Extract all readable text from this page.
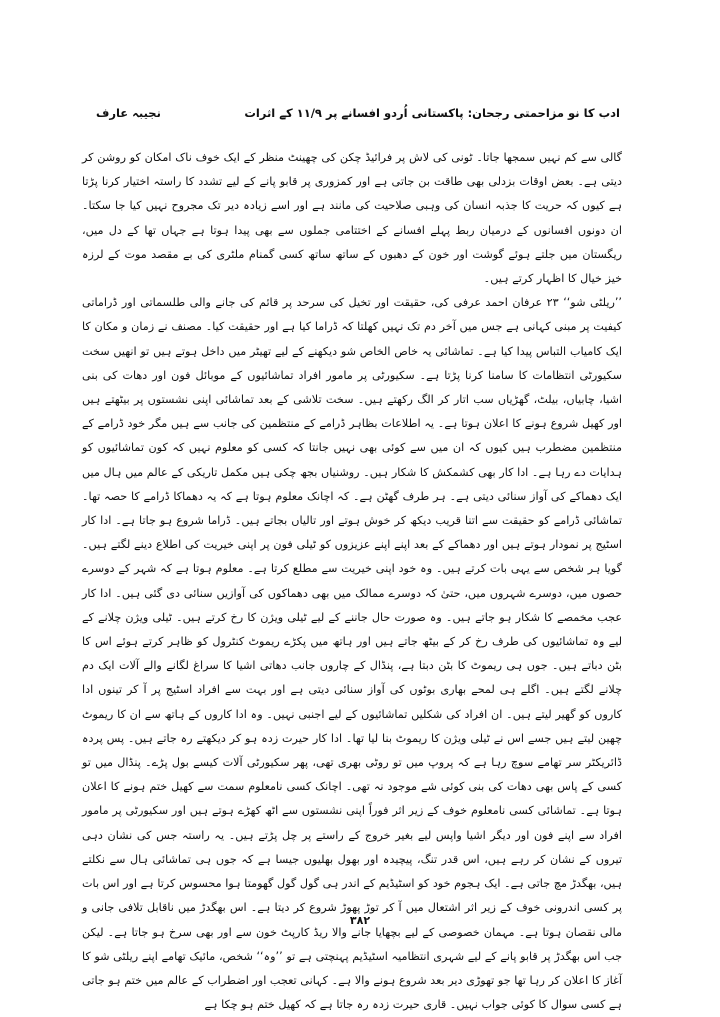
ادب کا نو مزاحمتی رجحان: پاکستانی اُردو افسانے پر ۱۱/۹ کے اثرات
نجیبہ عارف

گالی سے کم نہیں سمجھا جاتا۔ ٹونی کی لاش پر فرائیڈ چکن کی چھینٹ منظر کے ایک خوف ناک امکان کو روشن کر دیتی ہے۔ بعض اوقات بزدلی بھی طاقت بن جاتی ہے اور کمزوری پر قابو پانے کے لیے تشدد کا راستہ اختیار کرنا پڑتا ہے کیوں کہ حریت کا جذبہ انسان کی وہبی صلاحیت کی مانند ہے اور اسے زیادہ دیر تک مجروح نہیں کیا جا سکتا۔ ان دونوں افسانوں کے درمیان ربط پہلے افسانے کے اختتامی جملوں سے بھی پیدا ہوتا ہے جہاں تھا کے دل میں، ریگستان میں جلتے ہوئے گوشت اور خون کے دھبوں کے ساتھ ساتھ کسی گمنام ملٹری کی بے مقصد موت کے لرزہ خیز خیال کا اظہار کرتے ہیں۔

’’ریلٹی شو‘‘ ۲۳ عرفان احمد عرفی کی، حقیقت اور تخیل کی سرحد پر قائم کی جانے والی طلسماتی اور ڈراماتی کیفیت پر مبنی کہانی ہے جس میں آخر دم تک نہیں کھلتا کہ ڈراما کیا ہے اور حقیقت کیا۔ مصنف نے زمان و مکان کا ایک کامیاب التباس پیدا کیا ہے۔ تماشائی یہ خاص الخاص شو دیکھنے کے لیے تھیٹر میں داخل ہوتے ہیں تو انھیں سخت سکیورٹی انتظامات کا سامنا کرنا پڑتا ہے۔ سکیورٹی پر مامور افراد تماشائیوں کے موبائل فون اور دھات کی بنی اشیا، چابیاں، بیلٹ، گھڑیاں سب اتار کر الگ رکھتے ہیں۔ سخت تلاشی کے بعد تماشائی اپنی نشستوں پر بیٹھتے ہیں اور کھیل شروع ہونے کا اعلان ہوتا ہے۔ یہ اطلاعات بظاہر ڈرامے کے منتظمین کی جانب سے ہیں مگر خود ڈرامے کے منتظمین مضطرب ہیں کیوں کہ ان میں سے کوئی بھی نہیں جانتا کہ کسی کو معلوم نہیں کہ کون تماشائیوں کو ہدایات دے رہا ہے۔ ادا کار بھی کشمکش کا شکار ہیں۔ روشنیاں بجھ چکی ہیں مکمل تاریکی کے عالم میں ہال میں ایک دھماکے کی آواز سنائی دیتی ہے۔ ہر طرف گھٹن ہے۔ کہ اچانک معلوم ہوتا ہے کہ یہ دھماکا ڈرامے کا حصہ تھا۔ تماشائی ڈرامے کو حقیقت سے اتنا قریب دیکھ کر خوش ہوتے اور تالیاں بجاتے ہیں۔ ڈراما شروع ہو جاتا ہے۔ ادا کار اسٹیج پر نمودار ہوتے ہیں اور دھماکے کے بعد اپنے اپنے عزیزوں کو ٹیلی فون پر اپنی خیریت کی اطلاع دینے لگتے ہیں۔ گویا ہر شخص سے یہی بات کرتے ہیں۔ وہ خود اپنی خیریت سے مطلع کرتا ہے۔ معلوم ہوتا ہے کہ شہر کے دوسرے حصوں میں، دوسرے شہروں میں، حتیٰ کہ دوسرے ممالک میں بھی دھماکوں کی آوازیں سنائی دی گئی ہیں۔ ادا کار عجب مخمصے کا شکار ہو جاتے ہیں۔ وہ صورت حال جاننے کے لیے ٹیلی ویژن کا رخ کرتے ہیں۔ ٹیلی ویژن چلانے کے لیے وہ تماشائیوں کی طرف رخ کر کے بیٹھ جاتے ہیں اور ہاتھ میں پکڑے ریموٹ کنٹرول کو ظاہر کرتے ہوئے اس کا بٹن دباتے ہیں۔ جوں ہی ریموٹ کا بٹن دبتا ہے، پنڈال کے چاروں جانب دھاتی اشیا کا سراغ لگانے والے آلات ایک دم چلانے لگتے ہیں۔ اگلے ہی لمحے بھاری بوٹوں کی آواز سنائی دیتی ہے اور بہت سے افراد اسٹیج پر آ کر تینوں ادا کاروں کو گھیر لیتے ہیں۔ ان افراد کی شکلیں تماشائیوں کے لیے اجنبی نہیں۔ وہ ادا کاروں کے ہاتھ سے ان کا ریموٹ چھین لیتے ہیں جسے اس نے ٹیلی ویژن کا ریموٹ بنا لیا تھا۔ ادا کار حیرت زدہ ہو کر دیکھتے رہ جاتے ہیں۔ پس پردہ ڈائریکٹر سر تھامے سوچ رہا ہے کہ پروپ میں تو روٹی بھری تھی، پھر سکیورٹی آلات کیسے بول پڑے۔ پنڈال میں تو کسی کے پاس بھی دھات کی بنی کوئی شے موجود نہ تھی۔ اچانک کسی نامعلوم سمت سے کھیل ختم ہونے کا اعلان ہوتا ہے۔ تماشائی کسی نامعلوم خوف کے زیر اثر فوراً اپنی نشستوں سے اٹھ کھڑے ہوتے ہیں اور سکیورٹی پر مامور افراد سے اپنے فون اور دیگر اشیا واپس لیے بغیر خروج کے راستے پر چل پڑتے ہیں۔ یہ راستہ جس کی نشان دہی تیروں کے نشان کر رہے ہیں، اس قدر تنگ، پیچیدہ اور بھول بھلیوں جیسا ہے کہ جوں ہی تماشائی ہال سے نکلتے ہیں، بھگدڑ مچ جاتی ہے۔ ایک ہجوم خود کو اسٹیڈیم کے اندر ہی گول گول گھومتا ہوا محسوس کرتا ہے اور اس بات پر کسی اندرونی خوف کے زیر اثر اشتعال میں آ کر توڑ پھوڑ شروع کر دیتا ہے۔ اس بھگدڑ میں ناقابل تلافی جانی و مالی نقصان ہوتا ہے۔ مہمان خصوصی کے لیے بچھایا جانے والا ریڈ کارپٹ خون سے اور بھی سرخ ہو جاتا ہے۔ لیکن جب اس بھگدڑ پر قابو پانے کے لیے شہری انتظامیہ اسٹیڈیم پہنچتی ہے تو ’’وہ‘‘ شخص، مائیک تھامے اپنے ریلٹی شو کا آغاز کا اعلان کر رہا تھا جو تھوڑی دیر بعد شروع ہونے والا ہے۔ کہانی تعجب اور اضطراب کے عالم میں ختم ہو جاتی ہے کسی سوال کا کوئی جواب نہیں۔ قاری حیرت زدہ رہ جاتا ہے کہ کھیل ختم ہو چکا ہے

۳۸۲
